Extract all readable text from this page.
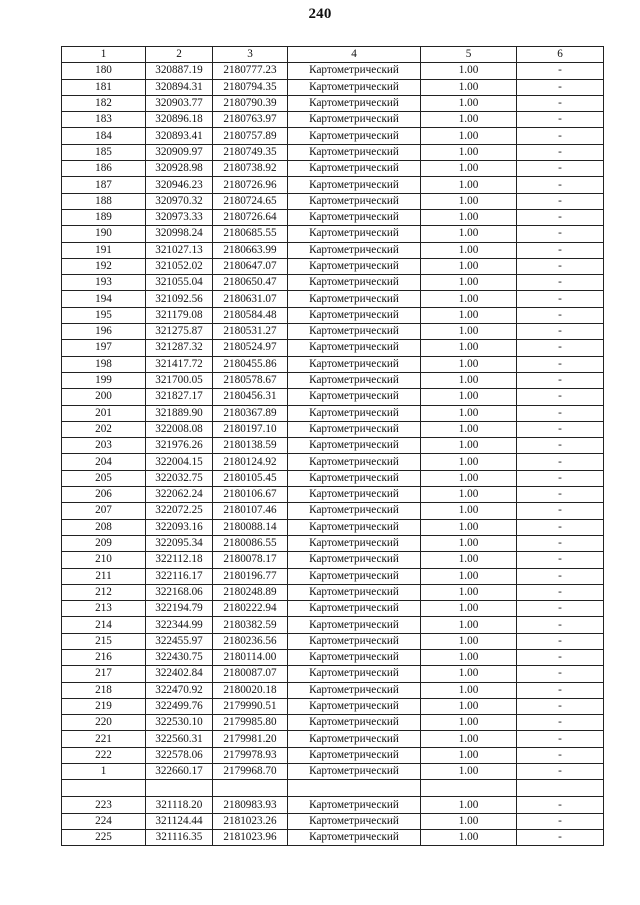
240
1	2	3	4	5	6
180	320887.19	2180777.23	Картометрический	1.00	-
181	320894.31	2180794.35	Картометрический	1.00	-
182	320903.77	2180790.39	Картометрический	1.00	-
183	320896.18	2180763.97	Картометрический	1.00	-
184	320893.41	2180757.89	Картометрический	1.00	-
185	320909.97	2180749.35	Картометрический	1.00	-
186	320928.98	2180738.92	Картометрический	1.00	-
187	320946.23	2180726.96	Картометрический	1.00	-
188	320970.32	2180724.65	Картометрический	1.00	-
189	320973.33	2180726.64	Картометрический	1.00	-
190	320998.24	2180685.55	Картометрический	1.00	-
191	321027.13	2180663.99	Картометрический	1.00	-
192	321052.02	2180647.07	Картометрический	1.00	-
193	321055.04	2180650.47	Картометрический	1.00	-
194	321092.56	2180631.07	Картометрический	1.00	-
195	321179.08	2180584.48	Картометрический	1.00	-
196	321275.87	2180531.27	Картометрический	1.00	-
197	321287.32	2180524.97	Картометрический	1.00	-
198	321417.72	2180455.86	Картометрический	1.00	-
199	321700.05	2180578.67	Картометрический	1.00	-
200	321827.17	2180456.31	Картометрический	1.00	-
201	321889.90	2180367.89	Картометрический	1.00	-
202	322008.08	2180197.10	Картометрический	1.00	-
203	321976.26	2180138.59	Картометрический	1.00	-
204	322004.15	2180124.92	Картометрический	1.00	-
205	322032.75	2180105.45	Картометрический	1.00	-
206	322062.24	2180106.67	Картометрический	1.00	-
207	322072.25	2180107.46	Картометрический	1.00	-
208	322093.16	2180088.14	Картометрический	1.00	-
209	322095.34	2180086.55	Картометрический	1.00	-
210	322112.18	2180078.17	Картометрический	1.00	-
211	322116.17	2180196.77	Картометрический	1.00	-
212	322168.06	2180248.89	Картометрический	1.00	-
213	322194.79	2180222.94	Картометрический	1.00	-
214	322344.99	2180382.59	Картометрический	1.00	-
215	322455.97	2180236.56	Картометрический	1.00	-
216	322430.75	2180114.00	Картометрический	1.00	-
217	322402.84	2180087.07	Картометрический	1.00	-
218	322470.92	2180020.18	Картометрический	1.00	-
219	322499.76	2179990.51	Картометрический	1.00	-
220	322530.10	2179985.80	Картометрический	1.00	-
221	322560.31	2179981.20	Картометрический	1.00	-
222	322578.06	2179978.93	Картометрический	1.00	-
1	322660.17	2179968.70	Картометрический	1.00	-

223	321118.20	2180983.93	Картометрический	1.00	-
224	321124.44	2181023.26	Картометрический	1.00	-
225	321116.35	2181023.96	Картометрический	1.00	-
